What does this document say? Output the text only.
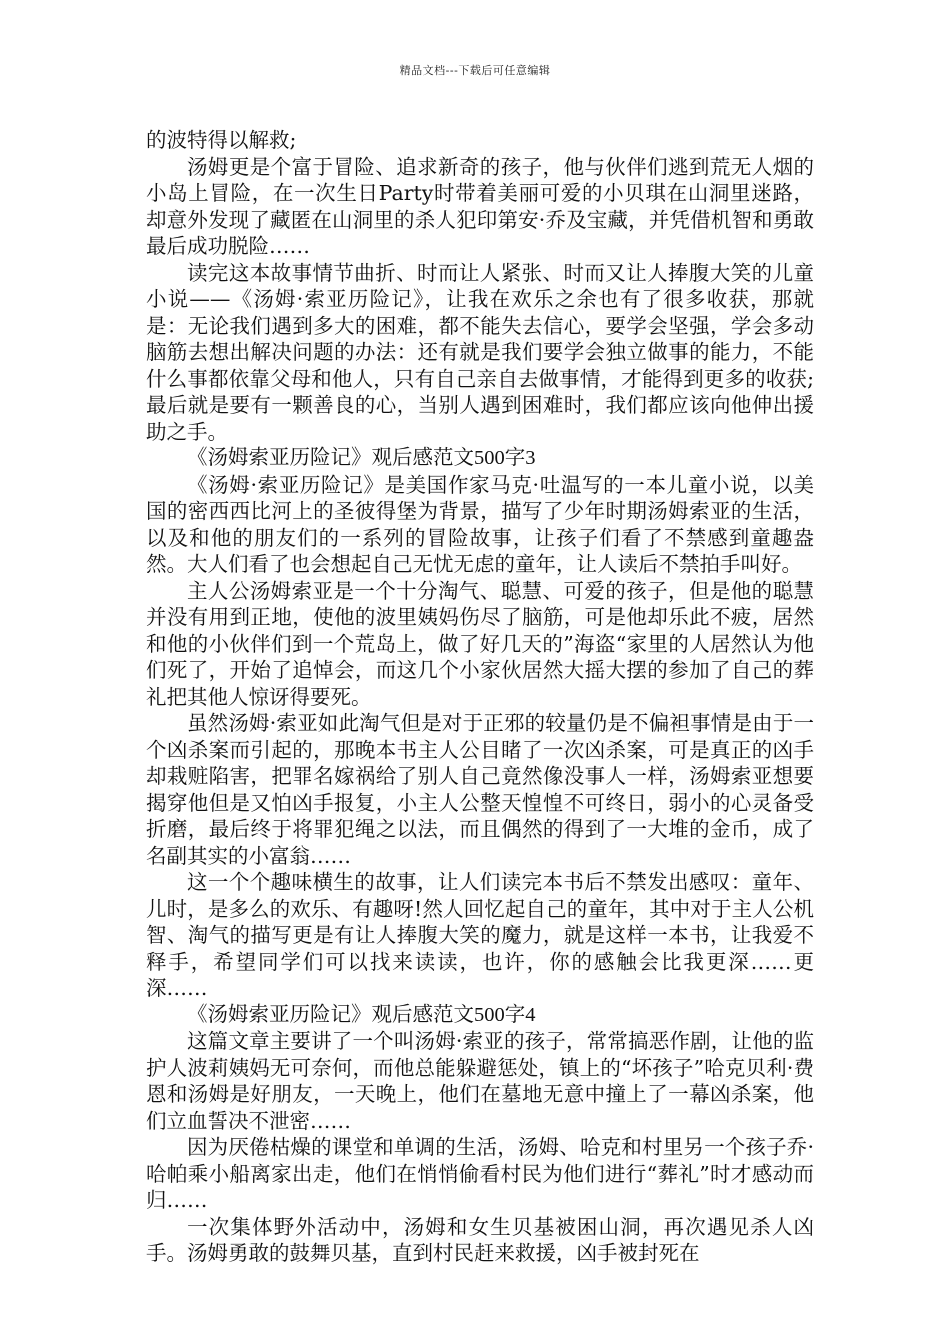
精品文档---下载后可任意编辑

的波特得以解救;

汤姆更是个富于冒险、追求新奇的孩子，他与伙伴们逃到荒无人烟的小岛上冒险，在一次生日Party时带着美丽可爱的小贝琪在山洞里迷路，却意外发现了藏匿在山洞里的杀人犯印第安·乔及宝藏，并凭借机智和勇敢最后成功脱险……

读完这本故事情节曲折、时而让人紧张、时而又让人捧腹大笑的儿童小说——《汤姆·索亚历险记》，让我在欢乐之余也有了很多收获，那就是：无论我们遇到多大的困难，都不能失去信心，要学会坚强，学会多动脑筋去想出解决问题的办法：还有就是我们要学会独立做事的能力，不能什么事都依靠父母和他人，只有自己亲自去做事情，才能得到更多的收获;最后就是要有一颗善良的心，当别人遇到困难时，我们都应该向他伸出援助之手。

《汤姆索亚历险记》观后感范文500字3

《汤姆·索亚历险记》是美国作家马克·吐温写的一本儿童小说，以美国的密西西比河上的圣彼得堡为背景，描写了少年时期汤姆索亚的生活，以及和他的朋友们的一系列的冒险故事，让孩子们看了不禁感到童趣盎然。大人们看了也会想起自己无忧无虑的童年，让人读后不禁拍手叫好。

主人公汤姆索亚是一个十分淘气、聪慧、可爱的孩子，但是他的聪慧并没有用到正地，使他的波里姨妈伤尽了脑筋，可是他却乐此不疲，居然和他的小伙伴们到一个荒岛上，做了好几天的”海盗“家里的人居然认为他们死了，开始了追悼会，而这几个小家伙居然大摇大摆的参加了自己的葬礼把其他人惊讶得要死。

虽然汤姆·索亚如此淘气但是对于正邪的较量仍是不偏袒事情是由于一个凶杀案而引起的，那晚本书主人公目睹了一次凶杀案，可是真正的凶手却栽赃陷害，把罪名嫁祸给了别人自己竟然像没事人一样，汤姆索亚想要揭穿他但是又怕凶手报复，小主人公整天惶惶不可终日，弱小的心灵备受折磨，最后终于将罪犯绳之以法，而且偶然的得到了一大堆的金币，成了名副其实的小富翁……

这一个个趣味横生的故事，让人们读完本书后不禁发出感叹：童年、儿时，是多么的欢乐、有趣呀!然人回忆起自己的童年，其中对于主人公机智、淘气的描写更是有让人捧腹大笑的魔力，就是这样一本书，让我爱不释手，希望同学们可以找来读读，也许，你的感触会比我更深……更深……

《汤姆索亚历险记》观后感范文500字4

这篇文章主要讲了一个叫汤姆·索亚的孩子，常常搞恶作剧，让他的监护人波莉姨妈无可奈何，而他总能躲避惩处，镇上的“坏孩子”哈克贝利·费恩和汤姆是好朋友，一天晚上，他们在墓地无意中撞上了一幕凶杀案，他们立血誓决不泄密……

因为厌倦枯燥的课堂和单调的生活，汤姆、哈克和村里另一个孩子乔·哈帕乘小船离家出走，他们在悄悄偷看村民为他们进行“葬礼”时才感动而归……

一次集体野外活动中，汤姆和女生贝基被困山洞，再次遇见杀人凶手。汤姆勇敢的鼓舞贝基，直到村民赶来救援，凶手被封死在
